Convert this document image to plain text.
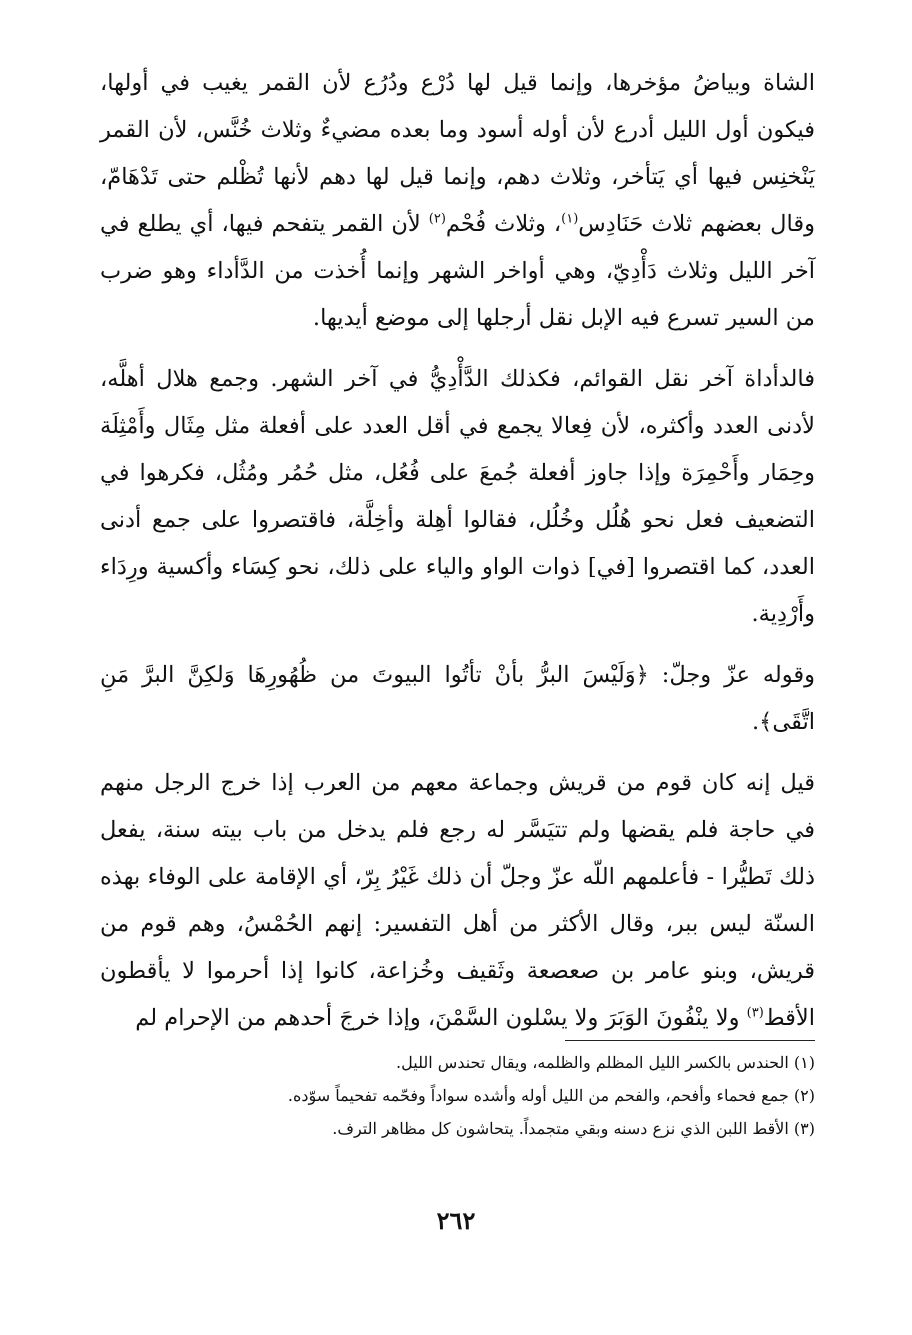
الشاة وبياضُ مؤخرها، وإنما قيل لها دُرْع ودُرُع لأن القمر يغيب في أولها، فيكون أول الليل أدرع لأن أوله أسود وما بعده مضيءٌ وثلاث خُنَّس، لأن القمر يَنْخنِس فيها أي يَتأخر، وثلاث دهم، وإنما قيل لها دهم لأنها تُظْلم حتى تَدْهَامّ، وقال بعضهم ثلاث حَنَادِس$^{(١)}$، وثلاث فُحْم$^{(٢)}$ لأن القمر يتفحم فيها، أي يطلع في آخر الليل وثلاث دَأْدِيّ، وهي أواخر الشهر وإنما أُخذت من الدَّأداء وهو ضرب من السير تسرع فيه الإبل نقل أرجلها إلى موضع أيديها.

فالدأداة آخر نقل القوائم، فكذلك الدَّأْدِيُّ في آخر الشهر. وجمع هلال أهلَّه، لأدنى العدد وأكثره، لأن فِعالا يجمع في أقل العدد على أفعلة مثل مِثَال وأَمْثِلَة وحِمَار وأَحْمِرَة وإذا جاوز أفعلة جُمعَ على فُعُل، مثل حُمُر ومُثُل، فكرهوا في التضعيف فعل نحو هُلُل وخُلُل، فقالوا أهِلة وأخِلَّة، فاقتصروا على جمع أدنى العدد، كما اقتصروا [في] ذوات الواو والياء على ذلك، نحو كِسَاء وأكسية ورِدَاء وأَرْدِية.

وقوله عزّ وجلّ: ﴿وَلَيْسَ البرُّ بأنْ تأتُوا البيوتَ من ظُهُورِهَا وَلكِنَّ البرَّ مَنِ اتَّقَى﴾.

قيل إنه كان قوم من قريش وجماعة معهم من العرب إذا خرج الرجل منهم في حاجة فلم يقضها ولم تتيَسَّر له رجع فلم يدخل من باب بيته سنة، يفعل ذلك تَطيُّرا - فأعلمهم اللّه عزّ وجلّ أن ذلك غَيْرُ بِرّ، أي الإقامة على الوفاء بهذه السنّة ليس ببر، وقال الأكثر من أهل التفسير: إنهم الحُمْسُ، وهم قوم من قريش، وبنو عامر بن صعصعة وثَقيف وخُزاعة، كانوا إذا أحرموا لا يأقطون الأقط$^{(٣)}$ ولا ينْفُونَ الوَبَرَ ولا يسْلون السَّمْنَ، وإذا خرجَ أحدهم من الإحرام لم

(١) الحندس بالكسر الليل المظلم والظلمه، ويقال تحندس الليل.

(٢) جمع فحماء وأفحم، والفحم من الليل أوله وأشده سواداً وفحّمه تفحيماً سوّده.

(٣) الأقط اللبن الذي نزع دسنه وبقي متجمداً. يتحاشون كل مظاهر الترف.

٢٦٢
